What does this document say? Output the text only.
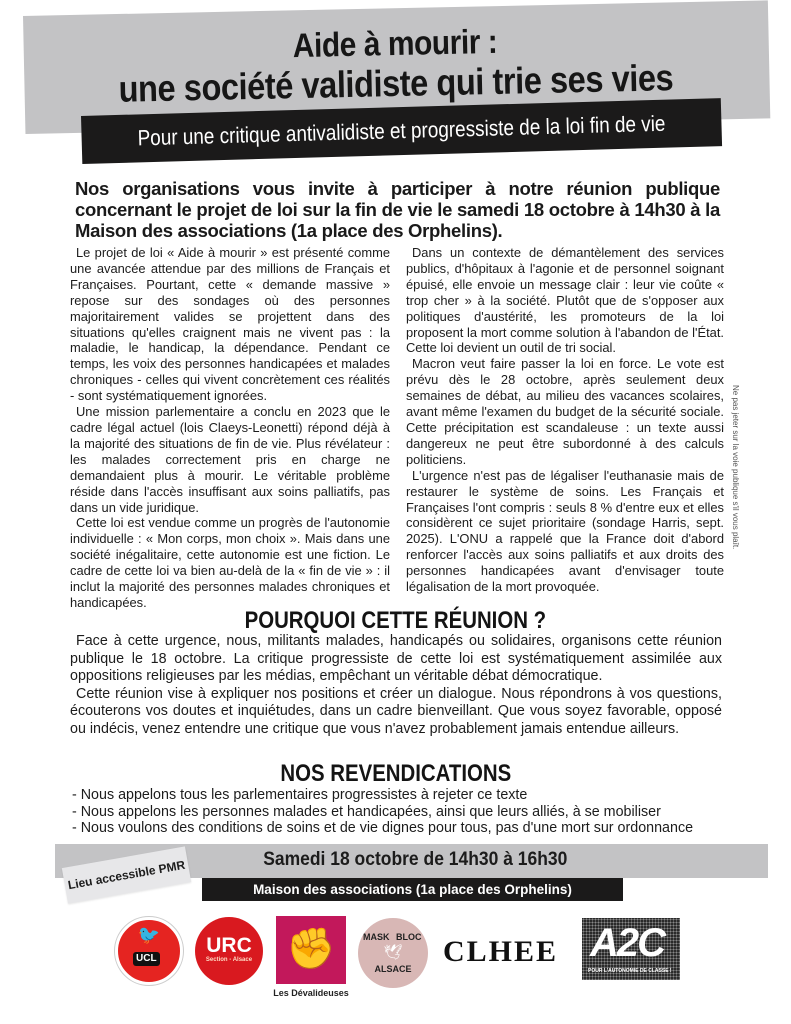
Aide à mourir :
une société validiste qui trie ses vies
Pour une critique antivalidiste et progressiste de la loi fin de vie
Nos organisations vous invite à participer à notre réunion publique concernant le projet de loi sur la fin de vie le samedi 18 octobre à 14h30 à la Maison des associations (1a place des Orphelins).

Le projet de loi « Aide à mourir » est présenté comme une avancée attendue par des millions de Français et Françaises. Pourtant, cette « demande massive » repose sur des sondages où des personnes majoritairement valides se projettent dans des situations qu'elles craignent mais ne vivent pas : la maladie, le handicap, la dépendance. Pendant ce temps, les voix des personnes handicapées et malades chroniques - celles qui vivent concrètement ces réalités - sont systématiquement ignorées.

Une mission parlementaire a conclu en 2023 que le cadre légal actuel (lois Claeys-Leonetti) répond déjà à la majorité des situations de fin de vie. Plus révélateur : les malades correctement pris en charge ne demandaient plus à mourir. Le véritable problème réside dans l'accès insuffisant aux soins palliatifs, pas dans un vide juridique.

Cette loi est vendue comme un progrès de l'autonomie individuelle : « Mon corps, mon choix ». Mais dans une société inégalitaire, cette autonomie est une fiction. Le cadre de cette loi va bien au-delà de la « fin de vie » : il inclut la majorité des personnes malades chroniques et handicapées.

Dans un contexte de démantèlement des services publics, d'hôpitaux à l'agonie et de personnel soignant épuisé, elle envoie un message clair : leur vie coûte « trop cher » à la société. Plutôt que de s'opposer aux politiques d'austérité, les promoteurs de la loi proposent la mort comme solution à l'abandon de l'État. Cette loi devient un outil de tri social.

Macron veut faire passer la loi en force. Le vote est prévu dès le 28 octobre, après seulement deux semaines de débat, au milieu des vacances scolaires, avant même l'examen du budget de la sécurité sociale. Cette précipitation est scandaleuse : un texte aussi dangereux ne peut être subordonné à des calculs politiciens.

L'urgence n'est pas de légaliser l'euthanasie mais de restaurer le système de soins. Les Français et Françaises l'ont compris : seuls 8 % d'entre eux et elles considèrent ce sujet prioritaire (sondage Harris, sept. 2025). L'ONU a rappelé que la France doit d'abord renforcer l'accès aux soins palliatifs et aux droits des personnes handicapées avant d'envisager toute légalisation de la mort provoquée.

Ne pas jeter sur la voie publique s'il vous plaît.
POURQUOI CETTE RÉUNION ?

Face à cette urgence, nous, militants malades, handicapés ou solidaires, organisons cette réunion publique le 18 octobre. La critique progressiste de cette loi est systématiquement assimilée aux oppositions religieuses par les médias, empêchant un véritable débat démocratique.

Cette réunion vise à expliquer nos positions et créer un dialogue. Nous répondrons à vos questions, écouterons vos doutes et inquiétudes, dans un cadre bienveillant. Que vous soyez favorable, opposé ou indécis, venez entendre une critique que vous n'avez probablement jamais entendue ailleurs.

NOS REVENDICATIONS
- Nous appelons tous les parlementaires progressistes à rejeter ce texte
- Nous appelons les personnes malades et handicapées, ainsi que leurs alliés, à se mobiliser
- Nous voulons des conditions de soins et de vie dignes pour tous, pas d'une mort sur ordonnance
Samedi 18 octobre de 14h30 à 16h30
Maison des associations (1a place des Orphelins)
Lieu accessible PMR
🐦
UCL
URC
Section - Alsace ✊
Les Dévalideuses
MASK BLOC
🕊
ALSACE
CLHEE A2C
POUR L'AUTONOMIE DE CLASSE !
